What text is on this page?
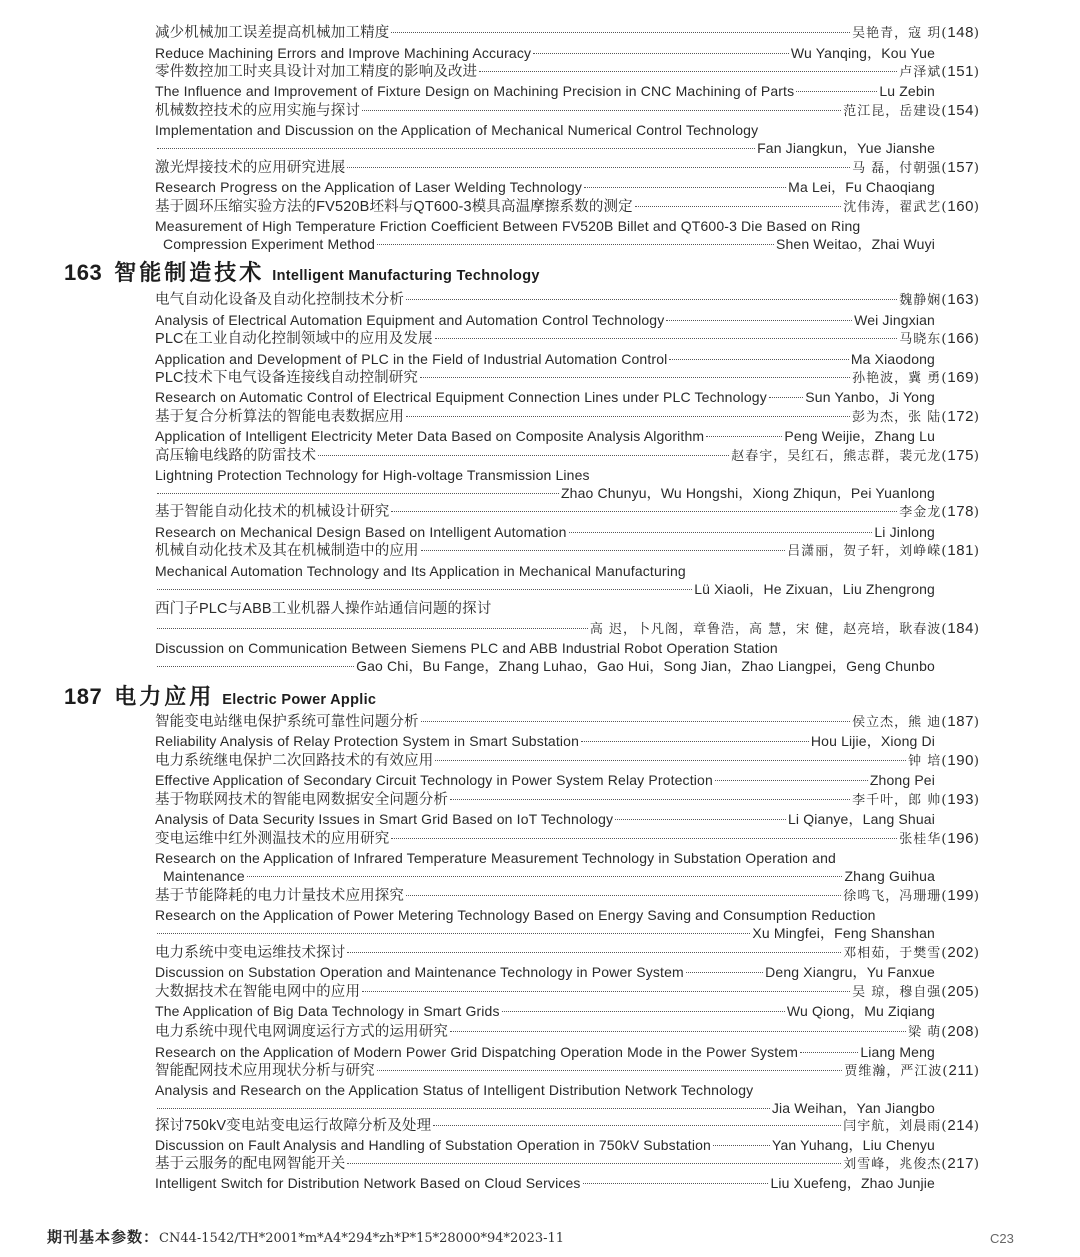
减少机械加工误差提高机械加工精度	吴艳青，寇 玥(148)
Reduce Machining Errors and Improve Machining Accuracy	Wu Yanqing，Kou Yue
零件数控加工时夹具设计对加工精度的影响及改进	卢泽斌(151)
The Influence and Improvement of Fixture Design on Machining Precision in CNC Machining of Parts	Lu Zebin
机械数控技术的应用实施与探讨	范江昆，岳建设(154)
Implementation and Discussion on the Application of Mechanical Numerical Control Technology
Fan Jiangkun，Yue Jianshe
激光焊接技术的应用研究进展	马 磊，付朝强(157)
Research Progress on the Application of Laser Welding Technology	Ma Lei，Fu Chaoqiang
基于圆环压缩实验方法的FV520B坯料与QT600-3模具高温摩擦系数的测定	沈伟涛，翟武艺(160)
Measurement of High Temperature Friction Coefficient Between FV520B Billet and QT600-3 Die Based on Ring
Compression Experiment Method	Shen Weitao，Zhai Wuyi
163 智能制造技术 Intelligent Manufacturing Technology
电气自动化设备及自动化控制技术分析	魏静娴(163)
Analysis of Electrical Automation Equipment and Automation Control Technology	Wei Jingxian
PLC在工业自动化控制领域中的应用及发展	马晓东(166)
Application and Development of PLC in the Field of Industrial Automation Control	Ma Xiaodong
PLC技术下电气设备连接线自动控制研究	孙艳波，冀 勇(169)
Research on Automatic Control of Electrical Equipment Connection Lines under PLC Technology	Sun Yanbo，Ji Yong
基于复合分析算法的智能电表数据应用	彭为杰，张 陆(172)
Application of Intelligent Electricity Meter Data Based on Composite Analysis Algorithm	Peng Weijie，Zhang Lu
高压输电线路的防雷技术	赵春宇，吴红石，熊志群，裴元龙(175)
Lightning Protection Technology for High-voltage Transmission Lines
Zhao Chunyu，Wu Hongshi，Xiong Zhiqun，Pei Yuanlong
基于智能自动化技术的机械设计研究	李金龙(178)
Research on Mechanical Design Based on Intelligent Automation	Li Jinlong
机械自动化技术及其在机械制造中的应用	吕潇丽，贺子轩，刘峥嵘(181)
Mechanical Automation Technology and Its Application in Mechanical Manufacturing
Lü Xiaoli，He Zixuan，Liu Zhengrong
西门子PLC与ABB工业机器人操作站通信问题的探讨
高 迟，卜凡阁，章鲁浩，高 慧，宋 健，赵亮培，耿春波(184)
Discussion on Communication Between Siemens PLC and ABB Industrial Robot Operation Station
Gao Chi，Bu Fange，Zhang Luhao，Gao Hui，Song Jian，Zhao Liangpei，Geng Chunbo
187 电力应用 Electric Power Applic
智能变电站继电保护系统可靠性问题分析	侯立杰，熊 迪(187)
Reliability Analysis of Relay Protection System in Smart Substation	Hou Lijie，Xiong Di
电力系统继电保护二次回路技术的有效应用	钟 培(190)
Effective Application of Secondary Circuit Technology in Power System Relay Protection	Zhong Pei
基于物联网技术的智能电网数据安全问题分析	李千叶，郎 帅(193)
Analysis of Data Security Issues in Smart Grid Based on IoT Technology	Li Qianye，Lang Shuai
变电运维中红外测温技术的应用研究	张桂华(196)
Research on the Application of Infrared Temperature Measurement Technology in Substation Operation and
Maintenance	Zhang Guihua
基于节能降耗的电力计量技术应用探究	徐鸣飞，冯珊珊(199)
Research on the Application of Power Metering Technology Based on Energy Saving and Consumption Reduction
Xu Mingfei，Feng Shanshan
电力系统中变电运维技术探讨	邓相茹，于樊雪(202)
Discussion on Substation Operation and Maintenance Technology in Power System	Deng Xiangru，Yu Fanxue
大数据技术在智能电网中的应用	吴 琼，穆自强(205)
The Application of Big Data Technology in Smart Grids	Wu Qiong，Mu Ziqiang
电力系统中现代电网调度运行方式的运用研究	梁 萌(208)
Research on the Application of Modern Power Grid Dispatching Operation Mode in the Power System	Liang Meng
智能配网技术应用现状分析与研究	贾维瀚，严江波(211)
Analysis and Research on the Application Status of Intelligent Distribution Network Technology
Jia Weihan，Yan Jiangbo
探讨750kV变电站变电运行故障分析及处理	闫宇航，刘晨雨(214)
Discussion on Fault Analysis and Handling of Substation Operation in 750kV Substation	Yan Yuhang，Liu Chenyu
基于云服务的配电网智能开关	刘雪峰，兆俊杰(217)
Intelligent Switch for Distribution Network Based on Cloud Services	Liu Xuefeng，Zhao Junjie
期刊基本参数： CN44-1542/TH*2001*m*A4*294*zh*P*15*28000*94*2023-11	C23
